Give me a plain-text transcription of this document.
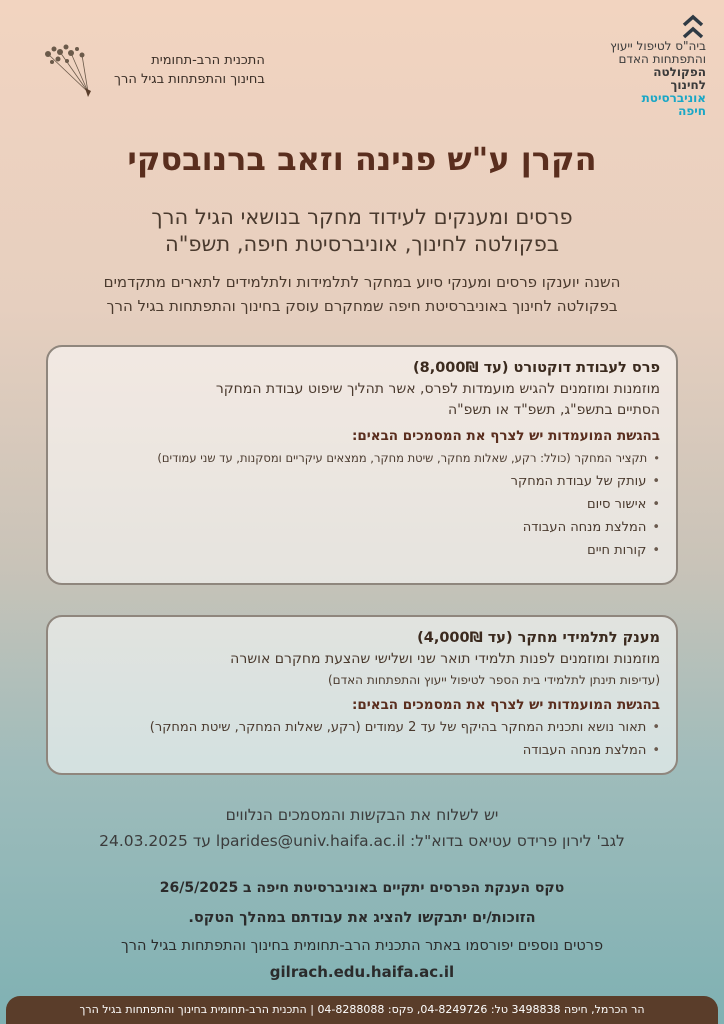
ביה"ס לטיפול ייעוץ
והתפתחות האדם
הפקולטה
לחינוך
אוניברסיטת
חיפה
התכנית הרב-תחומית
בחינוך והתפתחות בגיל הרך
הקרן ע"ש פנינה וזאב ברנובסקי
פרסים ומענקים לעידוד מחקר בנושאי הגיל הרך
בפקולטה לחינוך, אוניברסיטת חיפה, תשפ"ה
השנה יוענקו פרסים ומענקי סיוע במחקר לתלמידות ולתלמידים לתארים מתקדמים
בפקולטה לחינוך באוניברסיטת חיפה שמחקרם עוסק בחינוך והתפתחות בגיל הרך
פרס לעבודת דוקטורט (עד 8,000₪)
מוזמנות ומוזמנים להגיש מועמדות לפרס, אשר תהליך שיפוט עבודת המחקר
הסתיים בתשפ"ג, תשפ"ד או תשפ"ה
בהגשת המועמדות יש לצרף את המסמכים הבאים:
• תקציר המחקר (כולל: רקע, שאלות מחקר, שיטת מחקר, ממצאים עיקריים ומסקנות, עד שני עמודים)
• עותק של עבודת המחקר
• אישור סיום
• המלצת מנחה העבודה
• קורות חיים
מענק לתלמידי מחקר (עד 4,000₪)
מוזמנות ומוזמנים לפנות תלמידי תואר שני ושלישי שהצעת מחקרם אושרה
(עדיפות תינתן לתלמידי בית הספר לטיפול ייעוץ והתפתחות האדם)
בהגשת המועמדות יש לצרף את המסמכים הבאים:
• תאור נושא ותכנית המחקר בהיקף של עד 2 עמודים (רקע, שאלות המחקר, שיטת המחקר)
• המלצת מנחה העבודה
יש לשלוח את הבקשות והמסמכים הנלווים
לגב' לירון פרידס עטיאס בדוא"ל: lparides@univ.haifa.ac.il עד 24.03.2025
טקס הענקת הפרסים יתקיים באוניברסיטת חיפה ב 26/5/2025
הזוכות/ים יתבקשו להציג את עבודתם במהלך הטקס.
פרטים נוספים יפורסמו באתר התכנית הרב-תחומית בחינוך והתפתחות בגיל הרך
gilrach.edu.haifa.ac.il
הר הכרמל, חיפה 3498838 טל: 04-8249726, פקס: 04-8288088 | התכנית הרב-תחומית בחינוך והתפתחות בגיל הרך
